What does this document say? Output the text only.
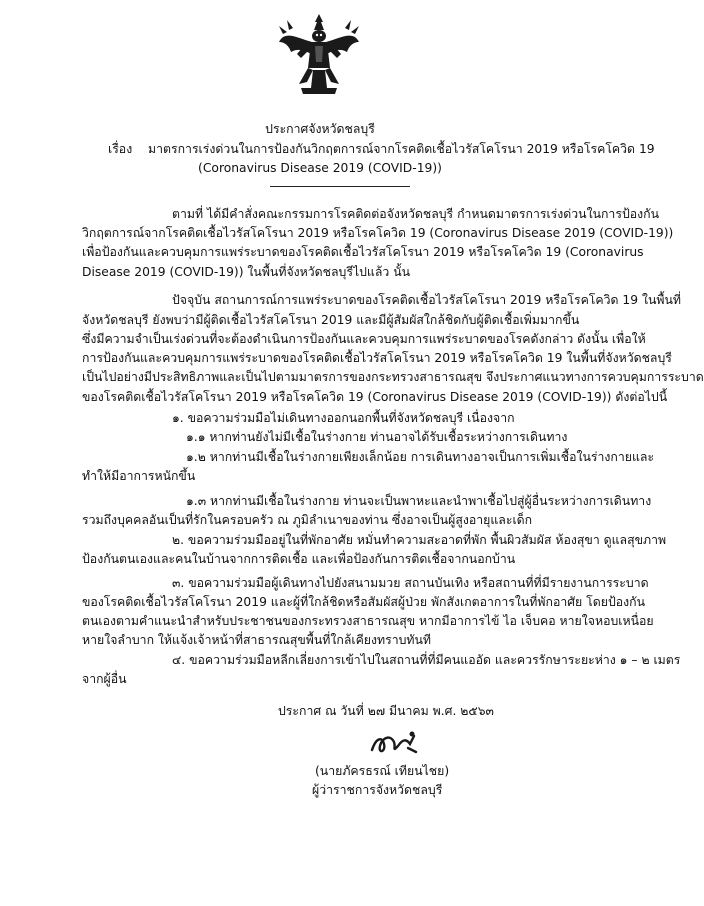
ประกาศจังหวัดชลบุรี
เรื่อง มาตรการเร่งด่วนในการป้องกันวิกฤตการณ์จากโรคติดเชื้อไวรัสโคโรนา 2019 หรือโรคโควิด 19
(Coronavirus Disease 2019 (COVID-19))
ตามที่ ได้มีคำสั่งคณะกรรมการโรคติดต่อจังหวัดชลบุรี กำหนดมาตรการเร่งด่วนในการป้องกัน
วิกฤตการณ์จากโรคติดเชื้อไวรัสโคโรนา 2019 หรือโรคโควิด 19 (Coronavirus Disease 2019 (COVID-19))
เพื่อป้องกันและควบคุมการแพร่ระบาดของโรคติดเชื้อไวรัสโคโรนา 2019 หรือโรคโควิด 19 (Coronavirus
Disease 2019 (COVID-19)) ในพื้นที่จังหวัดชลบุรีไปแล้ว นั้น
ปัจจุบัน สถานการณ์การแพร่ระบาดของโรคติดเชื้อไวรัสโคโรนา 2019 หรือโรคโควิด 19 ในพื้นที่
จังหวัดชลบุรี ยังพบว่ามีผู้ติดเชื้อไวรัสโคโรนา 2019 และมีผู้สัมผัสใกล้ชิดกับผู้ติดเชื้อเพิ่มมากขึ้น
ซึ่งมีความจำเป็นเร่งด่วนที่จะต้องดำเนินการป้องกันและควบคุมการแพร่ระบาดของโรคดังกล่าว ดังนั้น เพื่อให้
การป้องกันและควบคุมการแพร่ระบาดของโรคติดเชื้อไวรัสโคโรนา 2019 หรือโรคโควิด 19 ในพื้นที่จังหวัดชลบุรี
เป็นไปอย่างมีประสิทธิภาพและเป็นไปตามมาตรการของกระทรวงสาธารณสุข จึงประกาศแนวทางการควบคุมการระบาด
ของโรคติดเชื้อไวรัสโคโรนา 2019 หรือโรคโควิด 19 (Coronavirus Disease 2019 (COVID-19)) ดังต่อไปนี้
๑. ขอความร่วมมือไม่เดินทางออกนอกพื้นที่จังหวัดชลบุรี เนื่องจาก
๑.๑ หากท่านยังไม่มีเชื้อในร่างกาย ท่านอาจได้รับเชื้อระหว่างการเดินทาง
๑.๒ หากท่านมีเชื้อในร่างกายเพียงเล็กน้อย การเดินทางอาจเป็นการเพิ่มเชื้อในร่างกายและ
ทำให้มีอาการหนักขึ้น
๑.๓ หากท่านมีเชื้อในร่างกาย ท่านจะเป็นพาหะและนำพาเชื้อไปสู่ผู้อื่นระหว่างการเดินทาง
รวมถึงบุคคลอันเป็นที่รักในครอบครัว ณ ภูมิลำเนาของท่าน ซึ่งอาจเป็นผู้สูงอายุและเด็ก
๒. ขอความร่วมมืออยู่ในที่พักอาศัย หมั่นทำความสะอาดที่พัก พื้นผิวสัมผัส ห้องสุขา ดูแลสุขภาพ
ป้องกันตนเองและคนในบ้านจากการติดเชื้อ และเพื่อป้องกันการติดเชื้อจากนอกบ้าน
๓. ขอความร่วมมือผู้เดินทางไปยังสนามมวย สถานบันเทิง หรือสถานที่ที่มีรายงานการระบาด
ของโรคติดเชื้อไวรัสโคโรนา 2019 และผู้ที่ใกล้ชิดหรือสัมผัสผู้ป่วย พักสังเกตอาการในที่พักอาศัย โดยป้องกัน
ตนเองตามคำแนะนำสำหรับประชาชนของกระทรวงสาธารณสุข หากมีอาการไข้ ไอ เจ็บคอ หายใจหอบเหนื่อย
หายใจลำบาก ให้แจ้งเจ้าหน้าที่สาธารณสุขพื้นที่ใกล้เคียงทราบทันที
๔. ขอความร่วมมือหลีกเลี่ยงการเข้าไปในสถานที่ที่มีคนแออัด และควรรักษาระยะห่าง ๑ – ๒ เมตร
จากผู้อื่น
ประกาศ ณ วันที่ ๒๗ มีนาคม พ.ศ. ๒๕๖๓
(นายภัครธรณ์ เทียนไชย)
ผู้ว่าราชการจังหวัดชลบุรี
